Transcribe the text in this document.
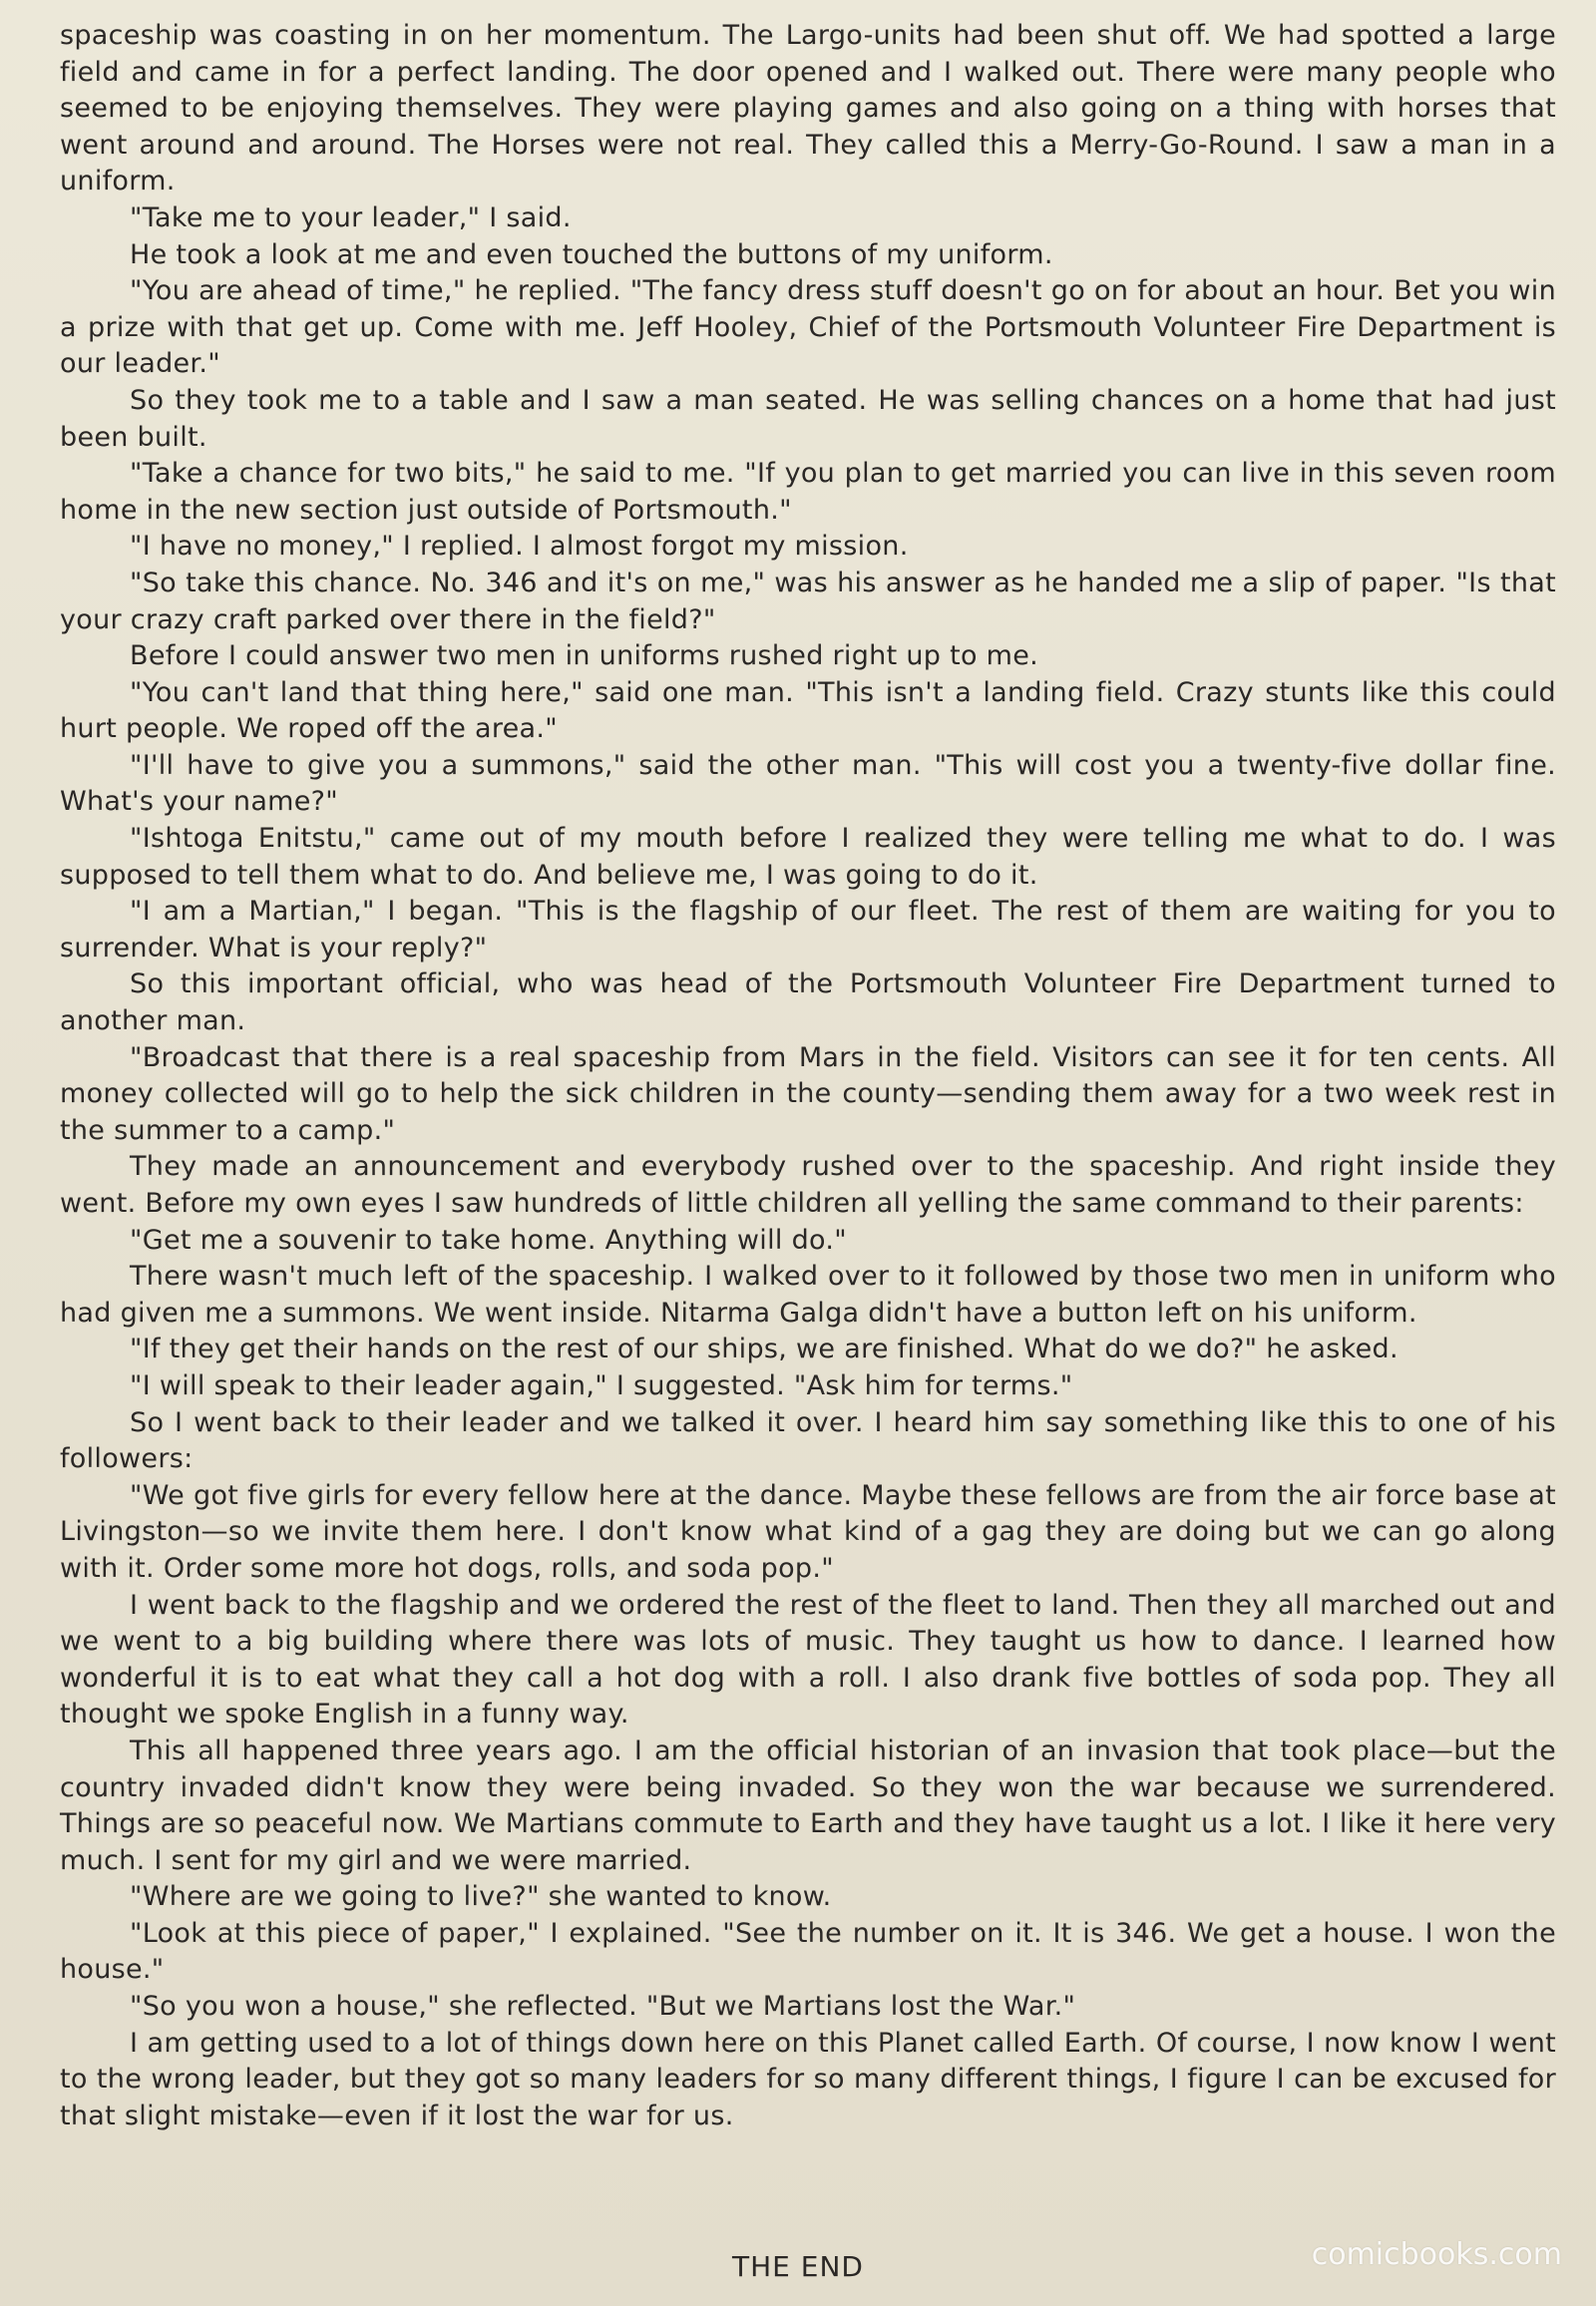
spaceship was coasting in on her momentum. The Largo-units had been shut off. We had spotted a large field and came in for a perfect landing. The door opened and I walked out. There were many people who seemed to be enjoying themselves. They were playing games and also going on a thing with horses that went around and around. The Horses were not real. They called this a Merry-Go-Round. I saw a man in a uniform.

"Take me to your leader," I said.

He took a look at me and even touched the buttons of my uniform.

"You are ahead of time," he replied. "The fancy dress stuff doesn't go on for about an hour. Bet you win a prize with that get up. Come with me. Jeff Hooley, Chief of the Portsmouth Volunteer Fire Department is our leader."

So they took me to a table and I saw a man seated. He was selling chances on a home that had just been built.

"Take a chance for two bits," he said to me. "If you plan to get married you can live in this seven room home in the new section just outside of Portsmouth."

"I have no money," I replied. I almost forgot my mission.

"So take this chance. No. 346 and it's on me," was his answer as he handed me a slip of paper. "Is that your crazy craft parked over there in the field?"

Before I could answer two men in uniforms rushed right up to me.

"You can't land that thing here," said one man. "This isn't a landing field. Crazy stunts like this could hurt people. We roped off the area."

"I'll have to give you a summons," said the other man. "This will cost you a twenty-five dollar fine. What's your name?"

"Ishtoga Enitstu," came out of my mouth before I realized they were telling me what to do. I was supposed to tell them what to do. And believe me, I was going to do it.

"I am a Martian," I began. "This is the flagship of our fleet. The rest of them are waiting for you to surrender. What is your reply?"

So this important official, who was head of the Portsmouth Volunteer Fire Department turned to another man.

"Broadcast that there is a real spaceship from Mars in the field. Visitors can see it for ten cents. All money collected will go to help the sick children in the county—sending them away for a two week rest in the summer to a camp."

They made an announcement and everybody rushed over to the spaceship. And right inside they went. Before my own eyes I saw hundreds of little children all yelling the same command to their parents:

"Get me a souvenir to take home. Anything will do."

There wasn't much left of the spaceship. I walked over to it followed by those two men in uniform who had given me a summons. We went inside. Nitarma Galga didn't have a button left on his uniform.

"If they get their hands on the rest of our ships, we are finished. What do we do?" he asked.

"I will speak to their leader again," I suggested. "Ask him for terms."

So I went back to their leader and we talked it over. I heard him say something like this to one of his followers:

"We got five girls for every fellow here at the dance. Maybe these fellows are from the air force base at Livingston—so we invite them here. I don't know what kind of a gag they are doing but we can go along with it. Order some more hot dogs, rolls, and soda pop."

I went back to the flagship and we ordered the rest of the fleet to land. Then they all marched out and we went to a big building where there was lots of music. They taught us how to dance. I learned how wonderful it is to eat what they call a hot dog with a roll. I also drank five bottles of soda pop. They all thought we spoke English in a funny way.

This all happened three years ago. I am the official historian of an invasion that took place—but the country invaded didn't know they were being invaded. So they won the war because we surrendered. Things are so peaceful now. We Martians commute to Earth and they have taught us a lot. I like it here very much. I sent for my girl and we were married.

"Where are we going to live?" she wanted to know.

"Look at this piece of paper," I explained. "See the number on it. It is 346. We get a house. I won the house."

"So you won a house," she reflected. "But we Martians lost the War."

I am getting used to a lot of things down here on this Planet called Earth. Of course, I now know I went to the wrong leader, but they got so many leaders for so many different things, I figure I can be excused for that slight mistake—even if it lost the war for us.

THE END	comicbooks.com
